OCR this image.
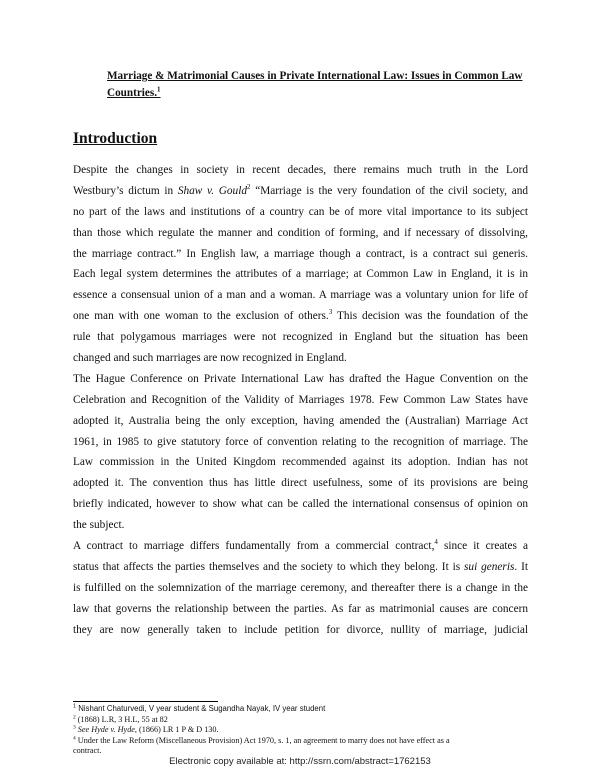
Marriage & Matrimonial Causes in Private International Law: Issues in Common Law Countries.$^1$
Introduction
Despite the changes in society in recent decades, there remains much truth in the Lord
Westbury’s dictum in Shaw v. Gould$^2$ “Marriage is the very foundation of the civil society, and
no part of the laws and institutions of a country can be of more vital importance to its subject
than those which regulate the manner and condition of forming, and if necessary of dissolving,
the marriage contract.” In English law, a marriage though a contract, is a contract sui generis.
Each legal system determines the attributes of a marriage; at Common Law in England, it is in
essence a consensual union of a man and a woman. A marriage was a voluntary union for life of
one man with one woman to the exclusion of others.$^3$ This decision was the foundation of the
rule that polygamous marriages were not recognized in England but the situation has been
changed and such marriages are now recognized in England.
The Hague Conference on Private International Law has drafted the Hague Convention on the
Celebration and Recognition of the Validity of Marriages 1978. Few Common Law States have
adopted it, Australia being the only exception, having amended the (Australian) Marriage Act
1961, in 1985 to give statutory force of convention relating to the recognition of marriage. The
Law commission in the United Kingdom recommended against its adoption. Indian has not
adopted it. The convention thus has little direct usefulness, some of its provisions are being
briefly indicated, however to show what can be called the international consensus of opinion on
the subject.
A contract to marriage differs fundamentally from a commercial contract,$^4$ since it creates a
status that affects the parties themselves and the society to which they belong. It is sui generis. It
is fulfilled on the solemnization of the marriage ceremony, and thereafter there is a change in the
law that governs the relationship between the parties. As far as matrimonial causes are concern
they are now generally taken to include petition for divorce, nullity of marriage, judicial
$^1$ Nishant Chaturvedi, V year student & Sugandha Nayak, IV year student
$^2$ (1868) L.R, 3 H.L, 55 at 82
$^3$ See Hyde v. Hyde, (1866) LR 1 P & D 130.
$^4$ Under the Law Reform (Miscellaneous Provision) Act 1970, s. 1, an agreement to marry does not have effect as a
contract.
Electronic copy available at: http://ssrn.com/abstract=1762153
